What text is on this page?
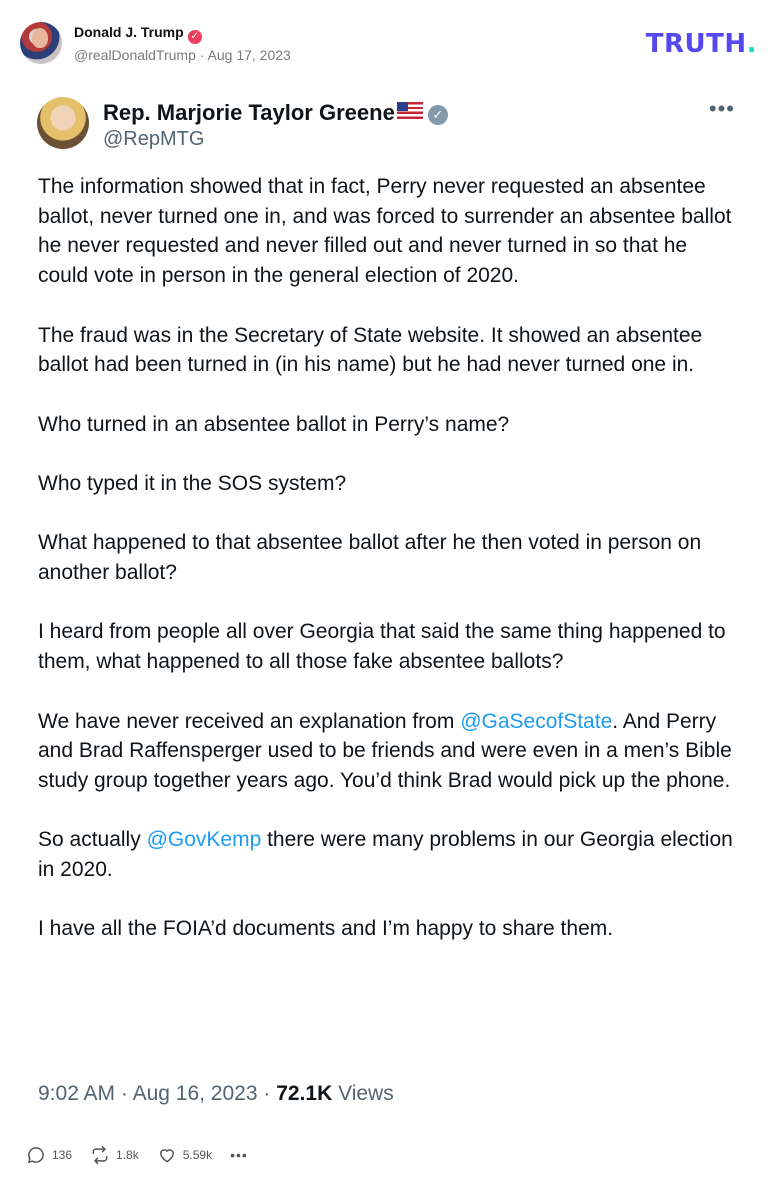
Donald J. Trump ✓
@realDonaldTrump · Aug 17, 2023	TRUTH.
Rep. Marjorie Taylor Greene	✓
@RepMTG
•••

The information showed that in fact, Perry never requested an absentee ballot, never turned one in, and was forced to surrender an absentee ballot he never requested and never filled out and never turned in so that he could vote in person in the general election of 2020.

The fraud was in the Secretary of State website. It showed an absentee ballot had been turned in (in his name) but he had never turned one in.

Who turned in an absentee ballot in Perry’s name?

Who typed it in the SOS system?

What happened to that absentee ballot after he then voted in person on another ballot?

I heard from people all over Georgia that said the same thing happened to them, what happened to all those fake absentee ballots?

We have never received an explanation from @GaSecofState. And Perry and Brad Raffensperger used to be friends and were even in a men’s Bible study group together years ago. You’d think Brad would pick up the phone.

So actually @GovKemp there were many problems in our Georgia election in 2020.

I have all the FOIA’d documents and I’m happy to share them.

9:02 AM · Aug 16, 2023 · 72.1K Views
136	1.8k	5.59k •••
